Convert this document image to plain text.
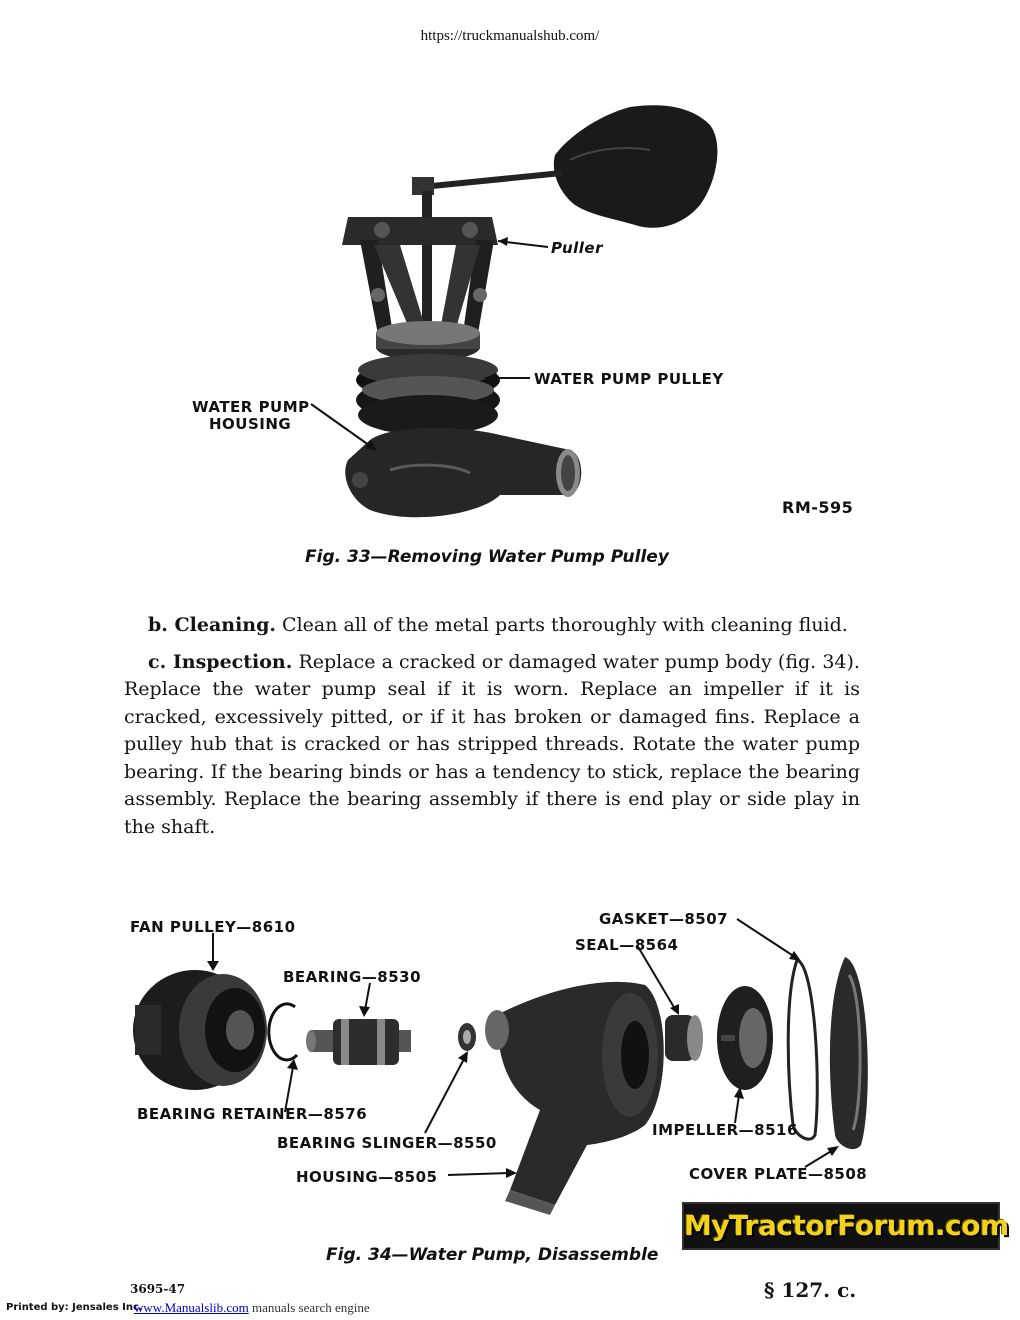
https://truckmanualshub.com/
Puller
WATER PUMP PULLEY
WATER PUMP
HOUSING
RM-595
Fig. 33—Removing Water Pump Pulley

b. Cleaning. Clean all of the metal parts thoroughly with cleaning fluid.

c. Inspection. Replace a cracked or damaged water pump body (fig. 34). Replace the water pump seal if it is worn. Replace an impeller if it is cracked, excessively pitted, or if it has broken or damaged fins. Replace a pulley hub that is cracked or has stripped threads. Rotate the water pump bearing. If the bearing binds or has a tendency to stick, replace the bearing assembly. Replace the bearing assembly if there is end play or side play in the shaft.

FAN PULLEY—8610
BEARING—8530
BEARING RETAINER—8576
BEARING SLINGER—8550
HOUSING—8505
GASKET—8507
SEAL—8564
IMPELLER—8516
COVER PLATE—8508
MyTractorForum.com
Fig. 34—Water Pump, Disassemble
§ 127. c.
3695-47
Printed by: Jensales Inc.
www.Manualslib.com manuals search engine
